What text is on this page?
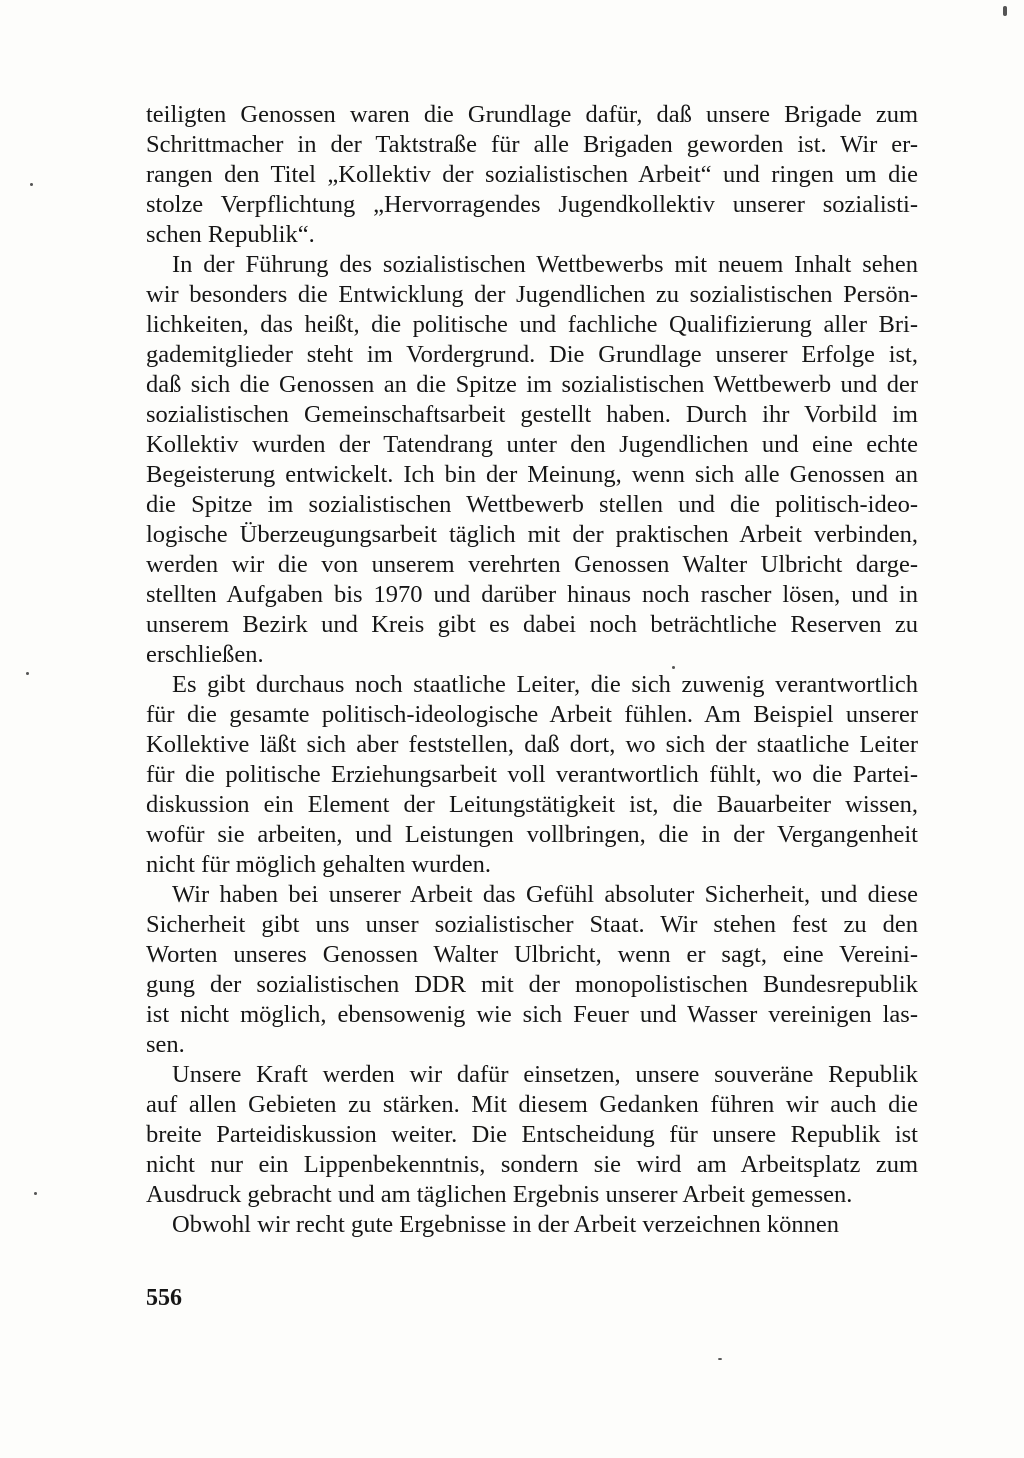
teiligten Genossen waren die Grundlage dafür, daß unsere Brigade zum
Schrittmacher in der Taktstraße für alle Brigaden geworden ist. Wir er-
rangen den Titel „Kollektiv der sozialistischen Arbeit“ und ringen um die
stolze Verpflichtung „Hervorragendes Jugendkollektiv unserer sozialisti-
schen Republik“.
In der Führung des sozialistischen Wettbewerbs mit neuem Inhalt sehen
wir besonders die Entwicklung der Jugendlichen zu sozialistischen Persön-
lichkeiten, das heißt, die politische und fachliche Qualifizierung aller Bri-
gademitglieder steht im Vordergrund. Die Grundlage unserer Erfolge ist,
daß sich die Genossen an die Spitze im sozialistischen Wettbewerb und der
sozialistischen Gemeinschaftsarbeit gestellt haben. Durch ihr Vorbild im
Kollektiv wurden der Tatendrang unter den Jugendlichen und eine echte
Begeisterung entwickelt. Ich bin der Meinung, wenn sich alle Genossen an
die Spitze im sozialistischen Wettbewerb stellen und die politisch-ideo-
logische Überzeugungsarbeit täglich mit der praktischen Arbeit verbinden,
werden wir die von unserem verehrten Genossen Walter Ulbricht darge-
stellten Aufgaben bis 1970 und darüber hinaus noch rascher lösen, und in
unserem Bezirk und Kreis gibt es dabei noch beträchtliche Reserven zu
erschließen.
Es gibt durchaus noch staatliche Leiter, die sich zuwenig verantwortlich
für die gesamte politisch-ideologische Arbeit fühlen. Am Beispiel unserer
Kollektive läßt sich aber feststellen, daß dort, wo sich der staatliche Leiter
für die politische Erziehungsarbeit voll verantwortlich fühlt, wo die Partei-
diskussion ein Element der Leitungstätigkeit ist, die Bauarbeiter wissen,
wofür sie arbeiten, und Leistungen vollbringen, die in der Vergangenheit
nicht für möglich gehalten wurden.
Wir haben bei unserer Arbeit das Gefühl absoluter Sicherheit, und diese
Sicherheit gibt uns unser sozialistischer Staat. Wir stehen fest zu den
Worten unseres Genossen Walter Ulbricht, wenn er sagt, eine Vereini-
gung der sozialistischen DDR mit der monopolistischen Bundesrepublik
ist nicht möglich, ebensowenig wie sich Feuer und Wasser vereinigen las-
sen.
Unsere Kraft werden wir dafür einsetzen, unsere souveräne Republik
auf allen Gebieten zu stärken. Mit diesem Gedanken führen wir auch die
breite Parteidiskussion weiter. Die Entscheidung für unsere Republik ist
nicht nur ein Lippenbekenntnis, sondern sie wird am Arbeitsplatz zum
Ausdruck gebracht und am täglichen Ergebnis unserer Arbeit gemessen.
Obwohl wir recht gute Ergebnisse in der Arbeit verzeichnen können
556
